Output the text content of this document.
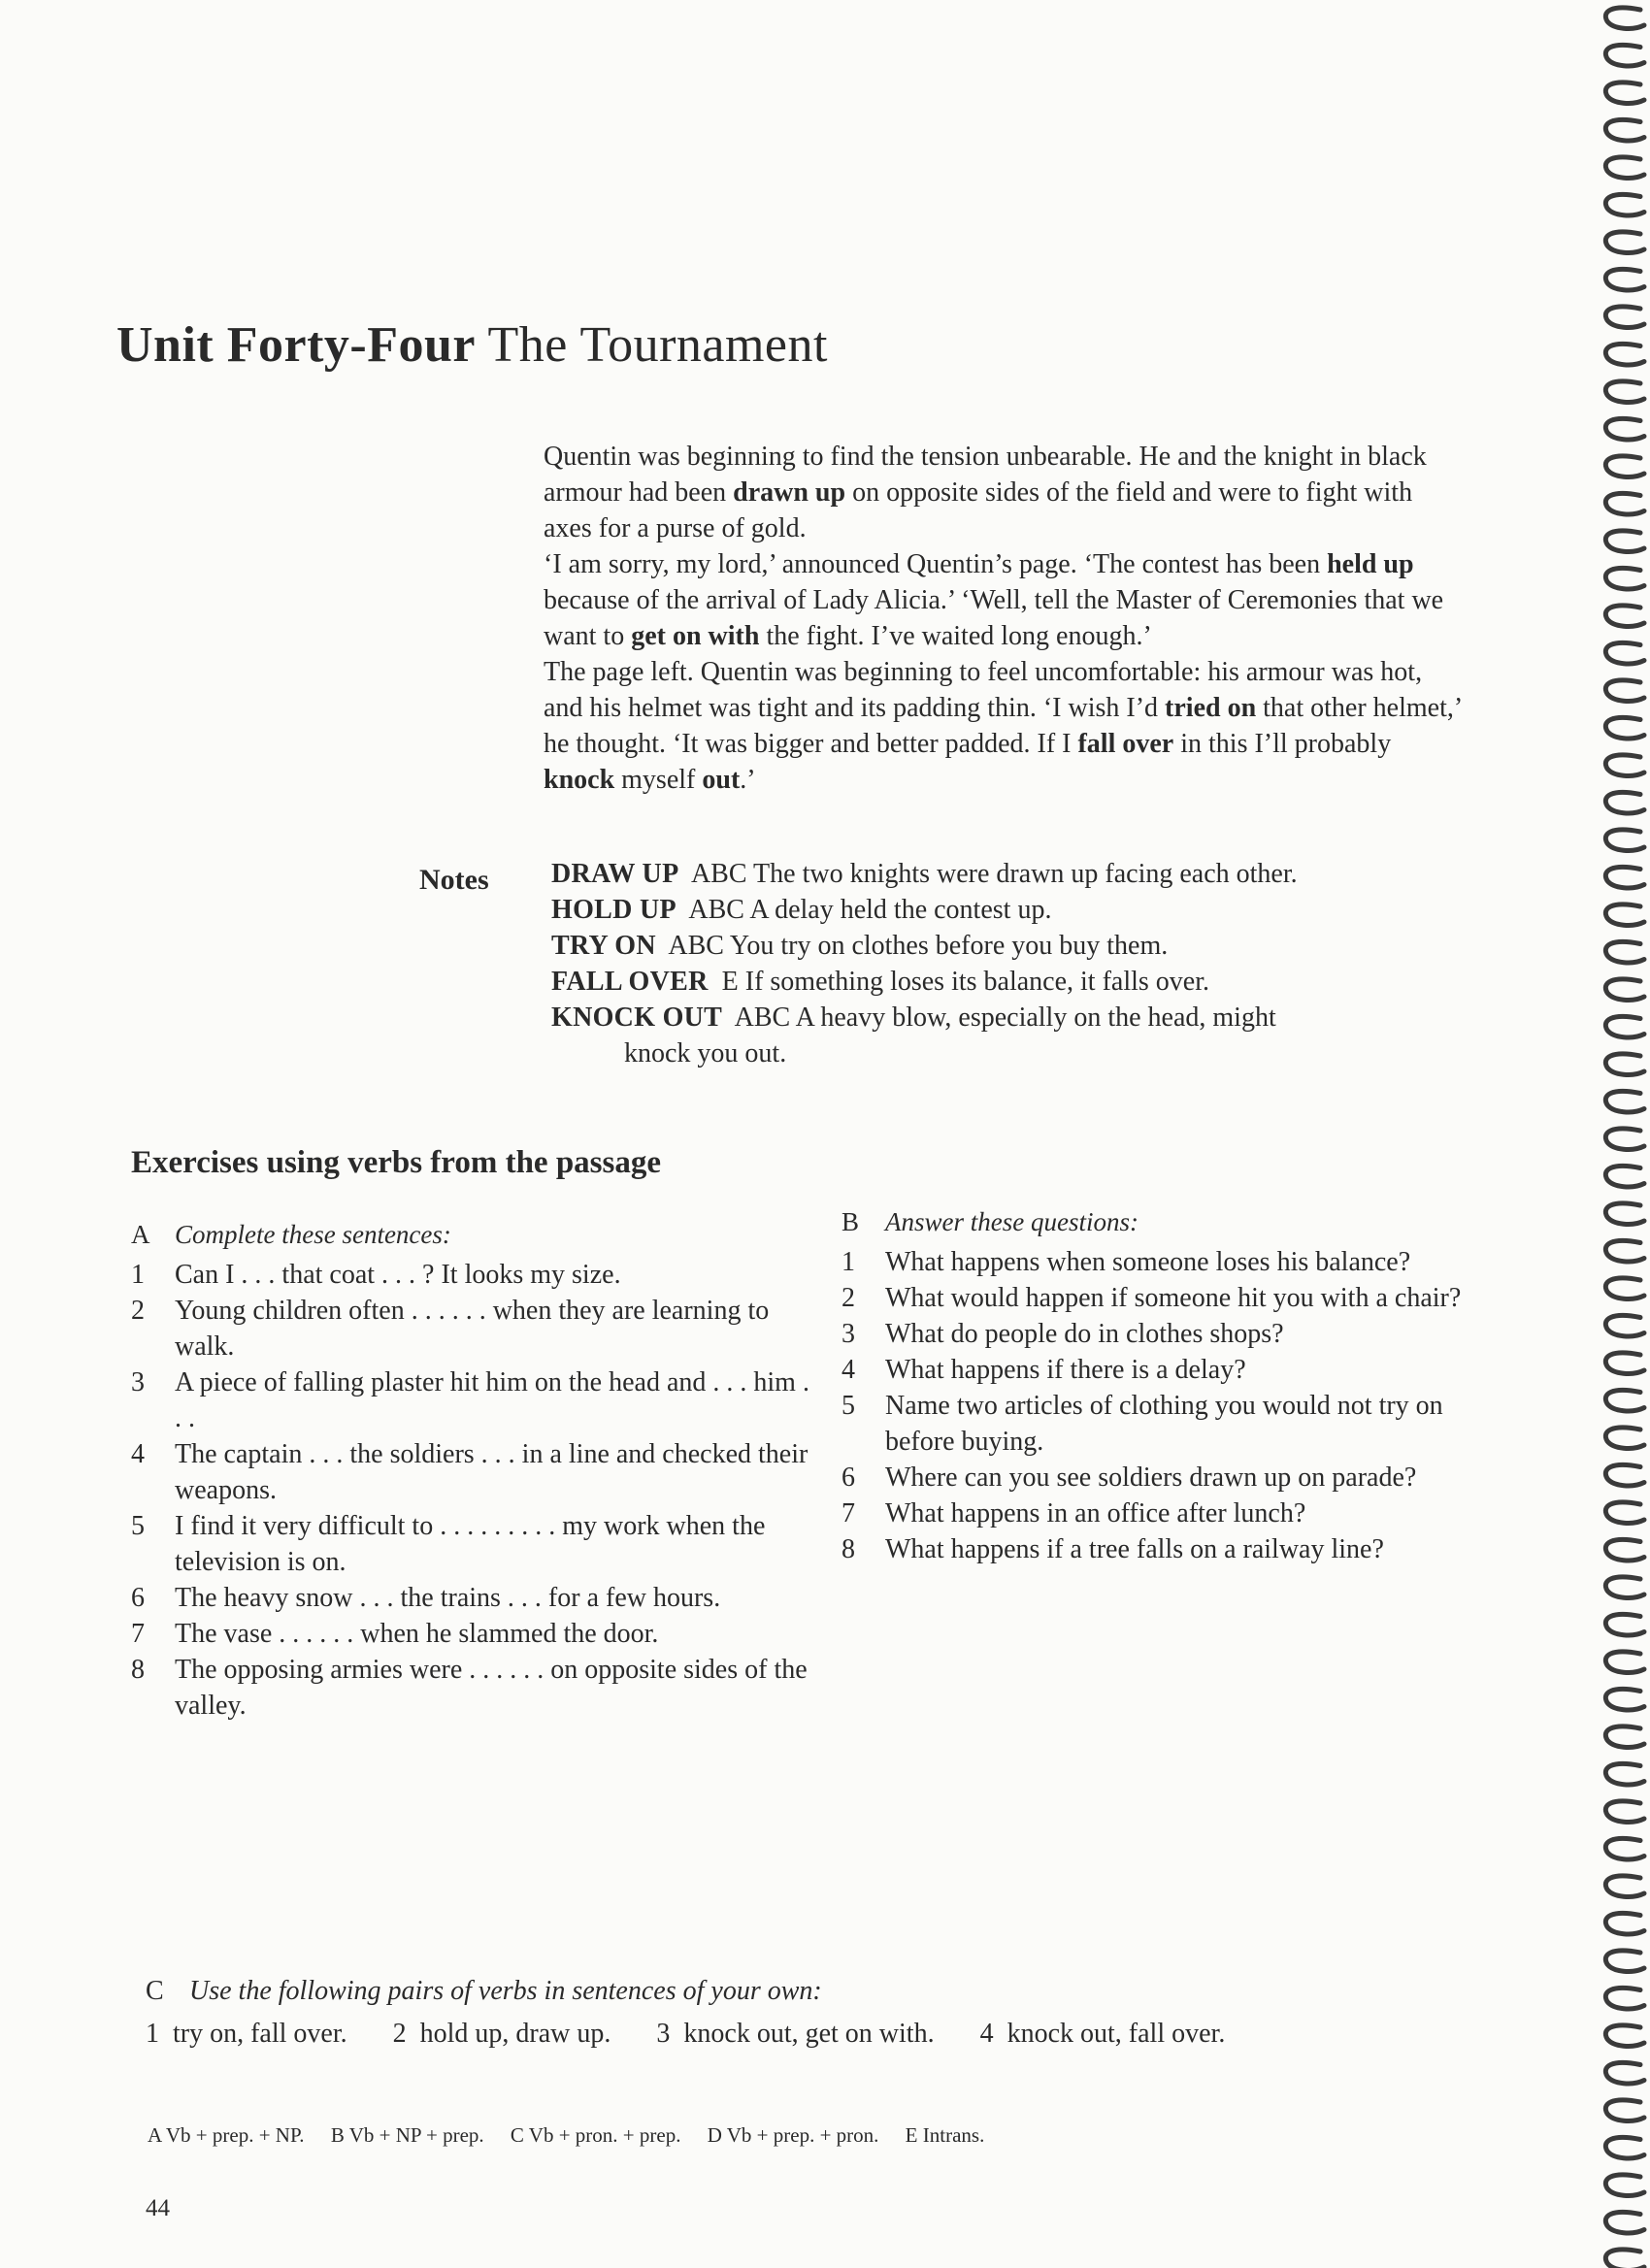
Unit Forty-Four The Tournament

Quentin was beginning to find the tension unbearable. He and the knight in black armour had been drawn up on opposite sides of the field and were to fight with axes for a purse of gold.

‘I am sorry, my lord,’ announced Quentin’s page. ‘The contest has been held up because of the arrival of Lady Alicia.’ ‘Well, tell the Master of Ceremonies that we want to get on with the fight. I’ve waited long enough.’

The page left. Quentin was beginning to feel uncomfortable: his armour was hot, and his helmet was tight and its padding thin. ‘I wish I’d tried on that other helmet,’ he thought. ‘It was bigger and better padded. If I fall over in this I’ll probably knock myself out.’

Notes DRAW UP ABC The two knights were drawn up facing each other.

HOLD UP ABC A delay held the contest up.

TRY ON ABC You try on clothes before you buy them.

FALL OVER E If something loses its balance, it falls over.

KNOCK OUT ABC A heavy blow, especially on the head, might

knock you out.

Exercises using verbs from the passage

A Complete these sentences:

1	Can I . . . that coat . . . ? It looks my size.
2	Young children often . . . . . . when they are learning to walk.
3	A piece of falling plaster hit him on the head and . . . him . . .
4	The captain . . . the soldiers . . . in a line and checked their weapons.
5	I find it very difficult to . . . . . . . . . my work when the television is on.
6	The heavy snow . . . the trains . . . for a few hours.
7	The vase . . . . . . when he slammed the door.
8	The opposing armies were . . . . . . on opposite sides of the valley.

B Answer these questions:

1	What happens when someone loses his balance?
2	What would happen if someone hit you with a chair?
3	What do people do in clothes shops?
4	What happens if there is a delay?
5	Name two articles of clothing you would not try on before buying.
6	Where can you see soldiers drawn up on parade?
7	What happens in an office after lunch?
8	What happens if a tree falls on a railway line?

C Use the following pairs of verbs in sentences of your own:

1 try on, fall over. 2 hold up, draw up. 3 knock out, get on with. 4 knock out, fall over.

A Vb + prep. + NP. B Vb + NP + prep. C Vb + pron. + prep. D Vb + prep. + pron. E Intrans.
44
